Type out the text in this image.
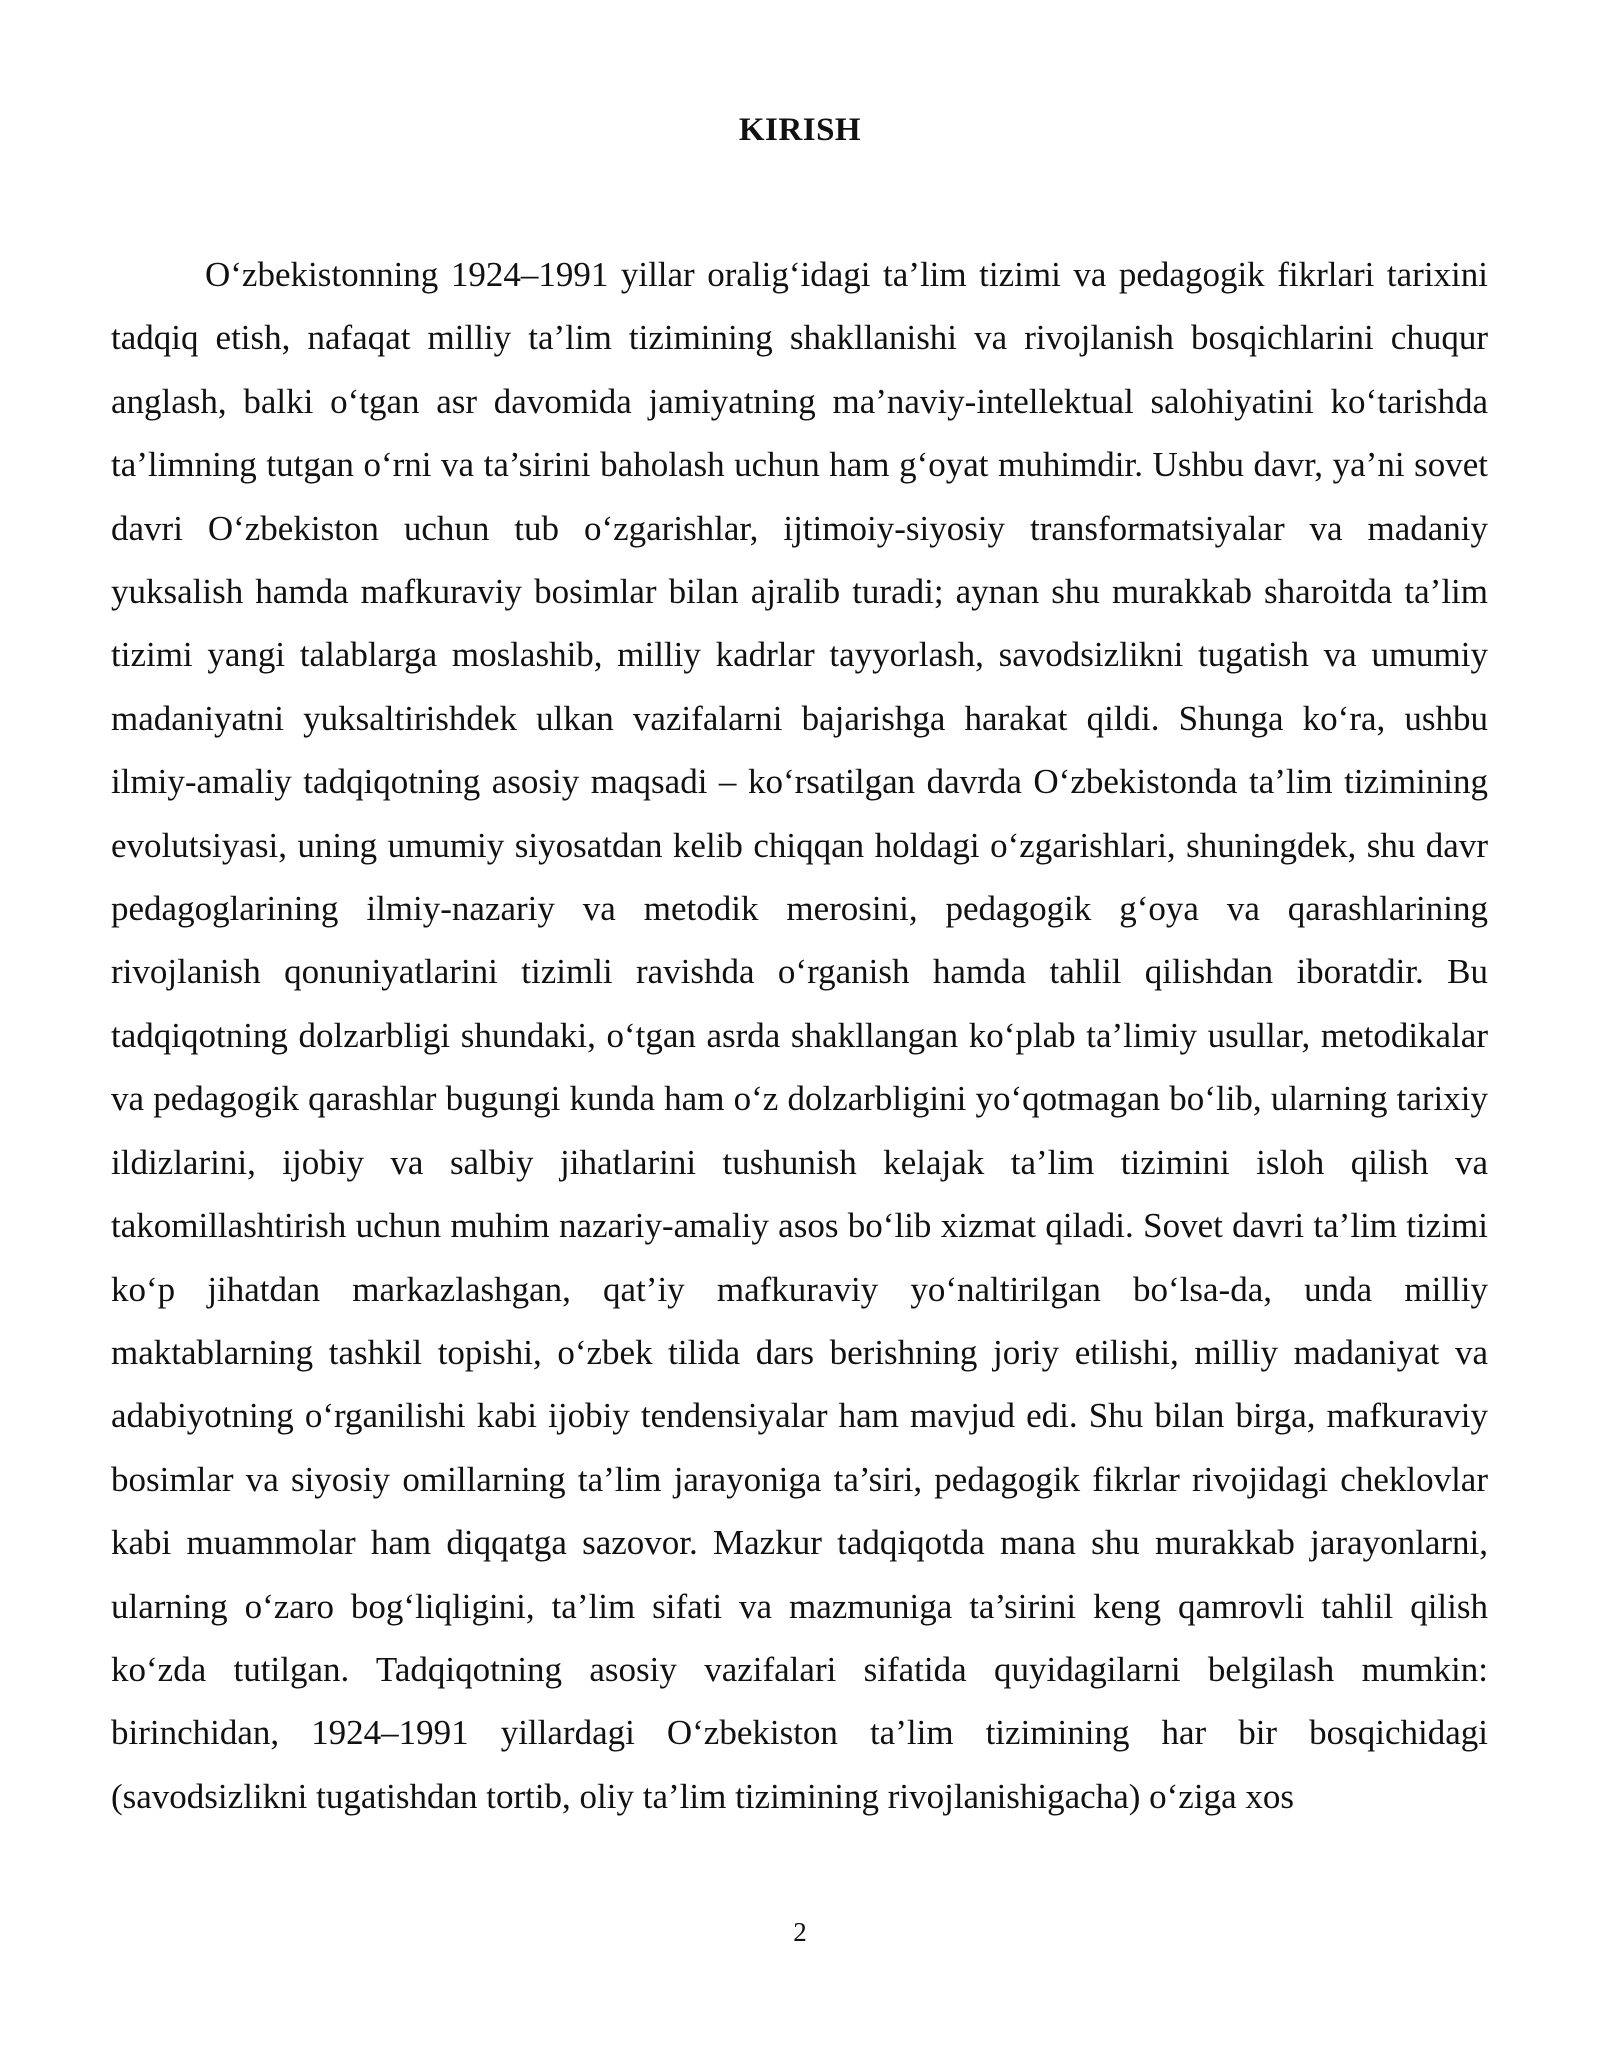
KIRISH

O‘zbekistonning 1924–1991 yillar oralig‘idagi ta’lim tizimi va pedagogik fikrlari tarixini tadqiq etish, nafaqat milliy ta’lim tizimining shakllanishi va rivojlanish bosqichlarini chuqur anglash, balki o‘tgan asr davomida jamiyatning ma’naviy-intellektual salohiyatini ko‘tarishda ta’limning tutgan o‘rni va ta’sirini baholash uchun ham g‘oyat muhimdir. Ushbu davr, ya’ni sovet davri O‘zbekiston uchun tub o‘zgarishlar, ijtimoiy-siyosiy transformatsiyalar va madaniy yuksalish hamda mafkuraviy bosimlar bilan ajralib turadi; aynan shu murakkab sharoitda ta’lim tizimi yangi talablarga moslashib, milliy kadrlar tayyorlash, savodsizlikni tugatish va umumiy madaniyatni yuksaltirishdek ulkan vazifalarni bajarishga harakat qildi. Shunga ko‘ra, ushbu ilmiy-amaliy tadqiqotning asosiy maqsadi – ko‘rsatilgan davrda O‘zbekistonda ta’lim tizimining evolutsiyasi, uning umumiy siyosatdan kelib chiqqan holdagi o‘zgarishlari, shuningdek, shu davr pedagoglarining ilmiy-nazariy va metodik merosini, pedagogik g‘oya va qarashlarining rivojlanish qonuniyatlarini tizimli ravishda o‘rganish hamda tahlil qilishdan iboratdir. Bu tadqiqotning dolzarbligi shundaki, o‘tgan asrda shakllangan ko‘plab ta’limiy usullar, metodikalar va pedagogik qarashlar bugungi kunda ham o‘z dolzarbligini yo‘qotmagan bo‘lib, ularning tarixiy ildizlarini, ijobiy va salbiy jihatlarini tushunish kelajak ta’lim tizimini isloh qilish va takomillashtirish uchun muhim nazariy-amaliy asos bo‘lib xizmat qiladi. Sovet davri ta’lim tizimi ko‘p jihatdan markazlashgan, qat’iy mafkuraviy yo‘naltirilgan bo‘lsa-da, unda milliy maktablarning tashkil topishi, o‘zbek tilida dars berishning joriy etilishi, milliy madaniyat va adabiyotning o‘rganilishi kabi ijobiy tendensiyalar ham mavjud edi. Shu bilan birga, mafkuraviy bosimlar va siyosiy omillarning ta’lim jarayoniga ta’siri, pedagogik fikrlar rivojidagi cheklovlar kabi muammolar ham diqqatga sazovor. Mazkur tadqiqotda mana shu murakkab jarayonlarni, ularning o‘zaro bog‘liqligini, ta’lim sifati va mazmuniga ta’sirini keng qamrovli tahlil qilish ko‘zda tutilgan. Tadqiqotning asosiy vazifalari sifatida quyidagilarni belgilash mumkin: birinchidan, 1924–1991 yillardagi O‘zbekiston ta’lim tizimining har bir bosqichidagi (savodsizlikni tugatishdan tortib, oliy ta’lim tizimining rivojlanishigacha) o‘ziga xos

2
